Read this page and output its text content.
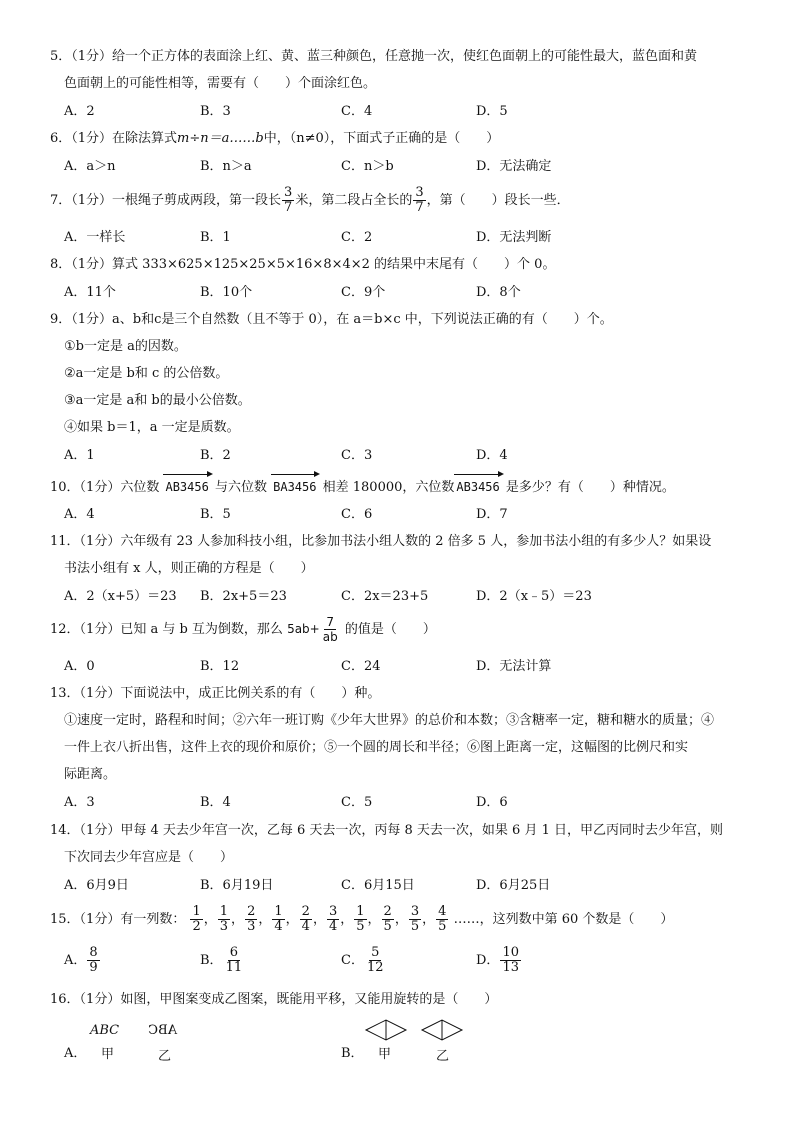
5．（1分）给一个正方体的表面涂上红、黄、蓝三种颜色，任意抛一次，使红色面朝上的可能性最大，蓝色面和黄
色面朝上的可能性相等，需要有（　　）个面涂红色。
A．2	B．3	C．4	D．5
6．（1分）在除法算式m÷n＝a……b中，（n≠0），下面式子正确的是（　　）
A．a＞n	B．n＞a	C．n＞b	D．无法确定
7．（1分）一根绳子剪成两段，第一段长 $\frac{3}{7}$ 米，第二段占全长的 $\frac{3}{7}$ ，第（　　）段长一些．
A．一样长	B．1	C．2	D．无法判断
8．（1分）算式 333×625×125×25×5×16×8×4×2 的结果中末尾有（　　）个 0。
A．11个	B．10个	C．9个	D．8个
9．（1分）a、b和c是三个自然数（且不等于 0），在 a＝b×c 中，下列说法正确的有（　　）个。
①b一定是 a的因数。
②a一定是 b和 c 的公倍数。
③a一定是 a和 b的最小公倍数。
④如果 b＝1，a 一定是质数。
A．1	B．2	C．3	D．4
10．（1分）六位数 AB3456 与六位数 BA3456 相差 180000，六位数 AB3456 是多少？有（　　）种情况。
A．4	B．5	C．6	D．7
11．（1分）六年级有 23 人参加科技小组，比参加书法小组人数的 2 倍多 5 人，参加书法小组的有多少人？如果设
书法小组有 x 人，则正确的方程是（　　）
A．2（x+5）＝23 B．2x+5＝23	C．2x＝23+5	D．2（x﹣5）＝23
12．（1分）已知 a 与 b 互为倒数，那么 $5ab+ \frac{7}{ab}$ 的值是（　　）
A．0	B．12	C．24	D．无法计算
13．（1分）下面说法中，成正比例关系的有（　　）种。
①速度一定时，路程和时间；②六年一班订购《少年大世界》的总价和本数；③含糖率一定，糖和糖水的质量；④
一件上衣八折出售，这件上衣的现价和原价；⑤一个圆的周长和半径；⑥图上距离一定，这幅图的比例尺和实
际距离。
A．3	B．4	C．5	D．6
14．（1分）甲每 4 天去少年宫一次，乙每 6 天去一次，丙每 8 天去一次，如果 6 月 1 日，甲乙丙同时去少年宫，则
下次同去少年宫应是（　　）
A．6月9日	B．6月19日	C．6月15日	D．6月25日
15．（1分）有一列数： $\frac{1}{2}$ ， $\frac{1}{3}$ ， $\frac{2}{3}$ ， $\frac{1}{4}$ ， $\frac{2}{4}$ ， $\frac{3}{4}$ ， $\frac{1}{5}$ ， $\frac{2}{5}$ ， $\frac{3}{5}$ ， $\frac{4}{5}$ ……，这列数中第 60 个数是（　　）
A． $\frac{8}{9}$	B． $\frac{6}{11}$	C． $\frac{5}{12}$	D． $\frac{10}{13}$
16．（1分）如图，甲图案变成乙图案，既能用平移，又能用旋转的是（　　）
A．
ABC ABC
甲	乙	B． 甲	乙
